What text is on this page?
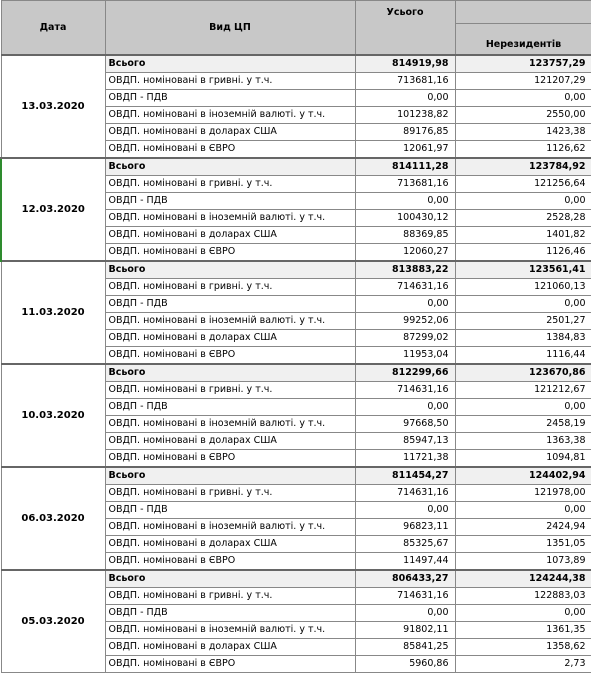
Дата	Вид ЦП	Усього	
			Нерезидентів
13.03.2020	Всього	814919,98	123757,29
	ОВДП. номіновані в гривні. у т.ч.	713681,16	121207,29
	ОВДП - ПДВ	0,00	0,00
	ОВДП. номіновані в іноземній валюті. у т.ч.	101238,82	2550,00
	ОВДП. номіновані в доларах США	89176,85	1423,38
	ОВДП. номіновані в ЄВРО	12061,97	1126,62
12.03.2020	Всього	814111,28	123784,92
	ОВДП. номіновані в гривні. у т.ч.	713681,16	121256,64
	ОВДП - ПДВ	0,00	0,00
	ОВДП. номіновані в іноземній валюті. у т.ч.	100430,12	2528,28
	ОВДП. номіновані в доларах США	88369,85	1401,82
	ОВДП. номіновані в ЄВРО	12060,27	1126,46
11.03.2020	Всього	813883,22	123561,41
	ОВДП. номіновані в гривні. у т.ч.	714631,16	121060,13
	ОВДП - ПДВ	0,00	0,00
	ОВДП. номіновані в іноземній валюті. у т.ч.	99252,06	2501,27
	ОВДП. номіновані в доларах США	87299,02	1384,83
	ОВДП. номіновані в ЄВРО	11953,04	1116,44
10.03.2020	Всього	812299,66	123670,86
	ОВДП. номіновані в гривні. у т.ч.	714631,16	121212,67
	ОВДП - ПДВ	0,00	0,00
	ОВДП. номіновані в іноземній валюті. у т.ч.	97668,50	2458,19
	ОВДП. номіновані в доларах США	85947,13	1363,38
	ОВДП. номіновані в ЄВРО	11721,38	1094,81
06.03.2020	Всього	811454,27	124402,94
	ОВДП. номіновані в гривні. у т.ч.	714631,16	121978,00
	ОВДП - ПДВ	0,00	0,00
	ОВДП. номіновані в іноземній валюті. у т.ч.	96823,11	2424,94
	ОВДП. номіновані в доларах США	85325,67	1351,05
	ОВДП. номіновані в ЄВРО	11497,44	1073,89
05.03.2020	Всього	806433,27	124244,38
	ОВДП. номіновані в гривні. у т.ч.	714631,16	122883,03
	ОВДП - ПДВ	0,00	0,00
	ОВДП. номіновані в іноземній валюті. у т.ч.	91802,11	1361,35
	ОВДП. номіновані в доларах США	85841,25	1358,62
	ОВДП. номіновані в ЄВРО	5960,86	2,73
